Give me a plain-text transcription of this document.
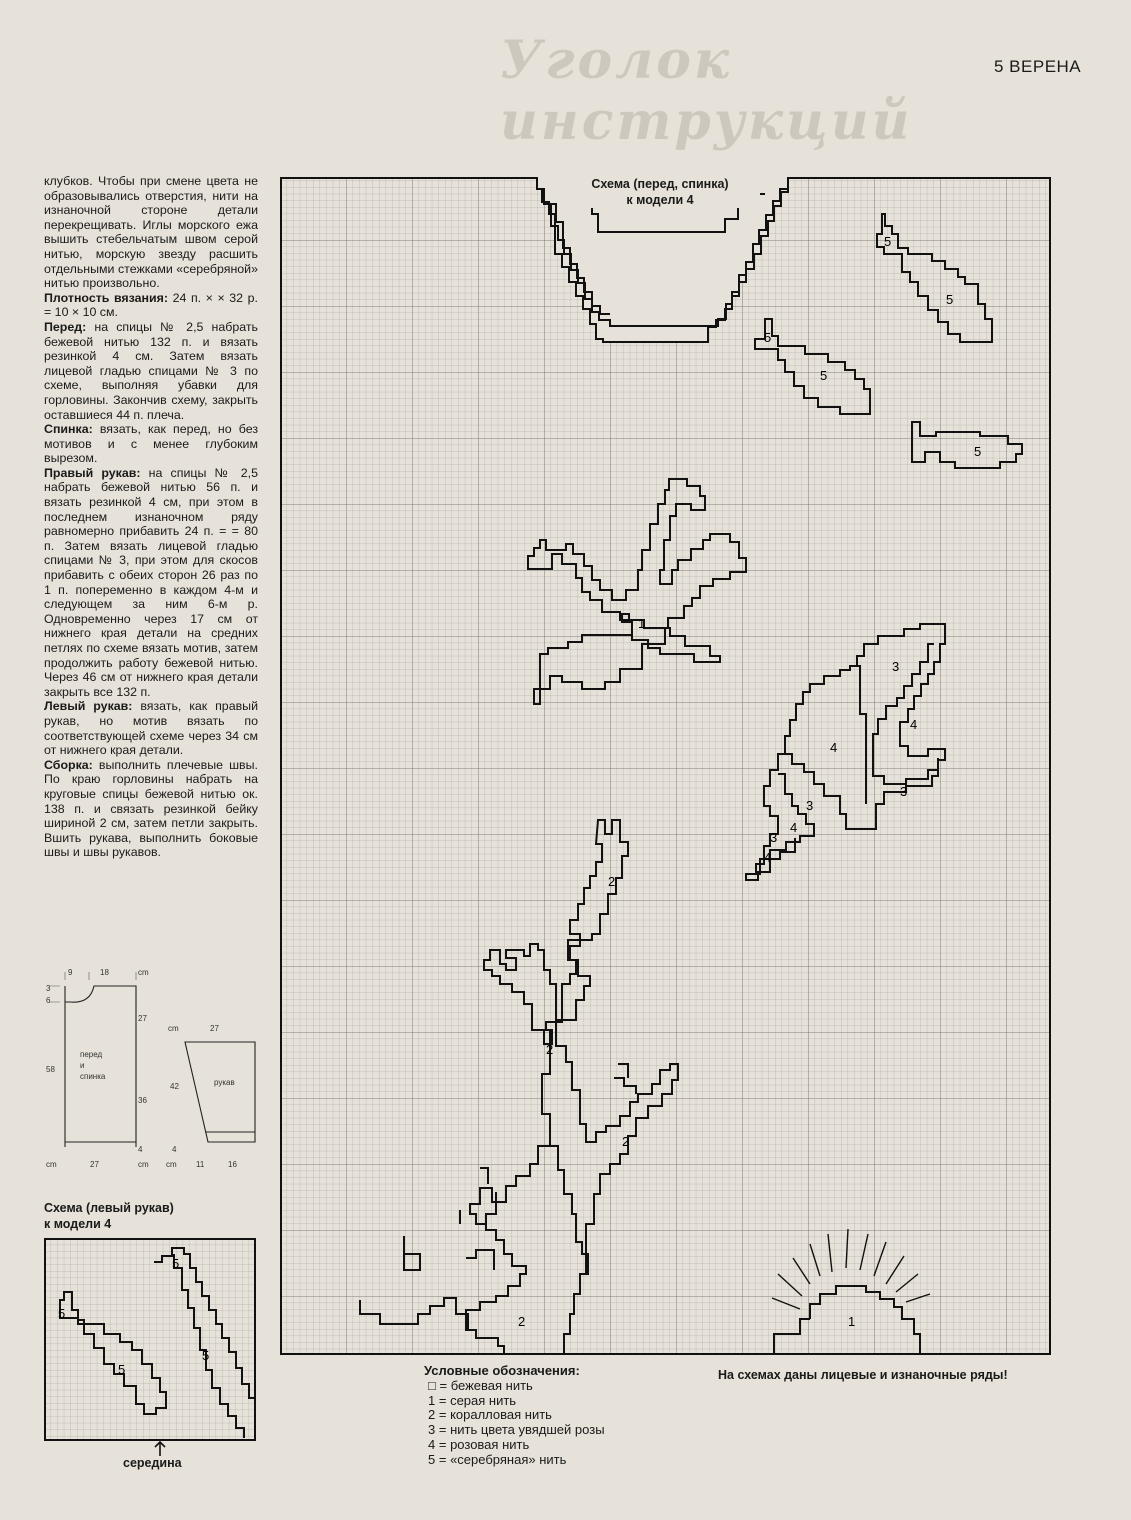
Уголок инструкций
5 ВЕРЕНА

клубков. Чтобы при смене цвета не образовывались отверстия, нити на изнаночной стороне детали перекрещивать. Иглы морского ежа вышить стебельчатым швом серой нитью, морскую звезду расшить отдельными стежками «серебряной» нитью произвольно.

Плотность вязания: 24 п. × × 32 р. = 10 × 10 см.

Перед: на спицы № 2,5 набрать бежевой нитью 132 п. и вязать резинкой 4 см. Затем вязать лицевой гладью спицами № 3 по схеме, выполняя убавки для горловины. Закончив схему, закрыть оставшиеся 44 п. плеча.

Спинка: вязать, как перед, но без мотивов и с менее глубоким вырезом.

Правый рукав: на спицы № 2,5 набрать бежевой нитью 56 п. и вязать резинкой 4 см, при этом в последнем изнаночном ряду равномерно прибавить 24 п. = = 80 п. Затем вязать лицевой гладью спицами № 3, при этом для скосов прибавить с обеих сторон 26 раз по 1 п. попеременно в каждом 4-м и следующем за ним 6-м р. Одновременно через 17 см от нижнего края детали на средних петлях по схеме вязать мотив, затем продолжить работу бежевой нитью. Через 46 см от нижнего края детали закрыть все 132 п.

Левый рукав: вязать, как правый рукав, но мотив вязать по соответствующей схеме через 34 см от нижнего края детали.

Сборка: выполнить плечевые швы. По краю горловины набрать на круговые спицы бежевой нитью ок. 138 п. и связать резинкой бейку шириной 2 см, затем петли закрыть. Вшить рукава, выполнить боковые швы и швы рукавов.

9	18	cm
3
6
58
перед
и
спинка
27
36
4
cm	27	cm
cm	27
42	рукав
4
cm 11	16
5
5
5
5
5
1
3
4
4
3
3
4
3
4
2
2
2
2	1
Схема (перед, спинка)
к модели 4
Схема (левый рукав)
к модели 4
5
5
5
5
середина
Условные обозначения:
□ = бежевая нить
1 = серая нить
2 = коралловая нить
3 = нить цвета увядшей розы
4 = розовая нить
5 = «серебряная» нить
На схемах даны лицевые и изнаночные ряды!
